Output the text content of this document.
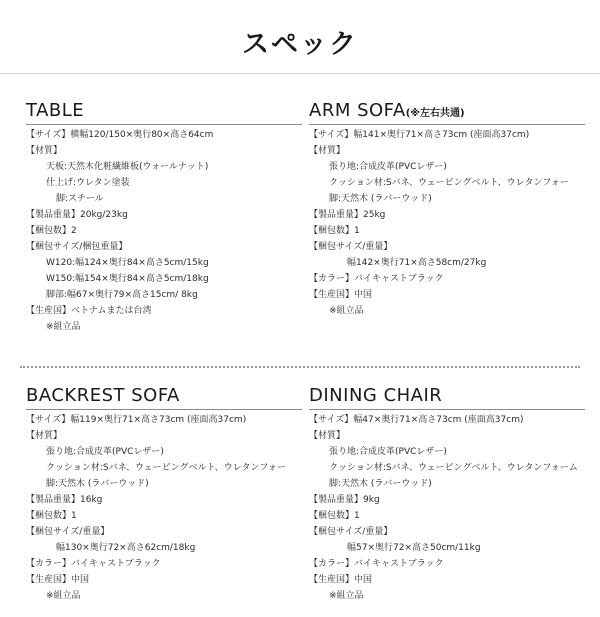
スペック
TABLE
【サイズ】横幅120/150×奥行80×高さ64cm
【材質】
天板:天然木化粧繊維板(ウォールナット)
仕上げ:ウレタン塗装
脚:スチール
【製品重量】20kg/23kg
【梱包数】2
【梱包サイズ/梱包重量】
W120:幅124×奥行84×高さ5cm/15kg
W150:幅154×奥行84×高さ5cm/18kg
脚部:幅67×奥行79×高さ15cm/ 8kg
【生産国】ベトナムまたは台湾
※組立品
ARM SOFA(※左右共通)
【サイズ】幅141×奥行71×高さ73cm (座面高37cm)
【材質】
張り地:合成皮革(PVCレザー)
クッション材:Sバネ、ウェービングベルト、ウレタンフォー
脚:天然木 (ラバーウッド)
【製品重量】25kg
【梱包数】1
【梱包サイズ/重量】
幅142×奥行71×高さ58cm/27kg
【カラー】バイキャストブラック
【生産国】中国
※組立品
BACKREST SOFA
【サイズ】幅119×奥行71×高さ73cm (座面高37cm)
【材質】
張り地:合成皮革(PVCレザー)
クッション材:Sバネ、ウェービングベルト、ウレタンフォー
脚:天然木 (ラバーウッド)
【製品重量】16kg
【梱包数】1
【梱包サイズ/重量】
幅130×奥行72×高さ62cm/18kg
【カラー】バイキャストブラック
【生産国】中国
※組立品
DINING CHAIR
【サイズ】幅47×奥行71×高さ73cm (座面高37cm)
【材質】
張り地:合成皮革(PVCレザー)
クッション材:Sバネ、ウェービングベルト、ウレタンフォーム
脚:天然木 (ラバーウッド)
【製品重量】9kg
【梱包数】1
【梱包サイズ/重量】
幅57×奥行72×高さ50cm/11kg
【カラー】バイキャストブラック
【生産国】中国
※組立品
